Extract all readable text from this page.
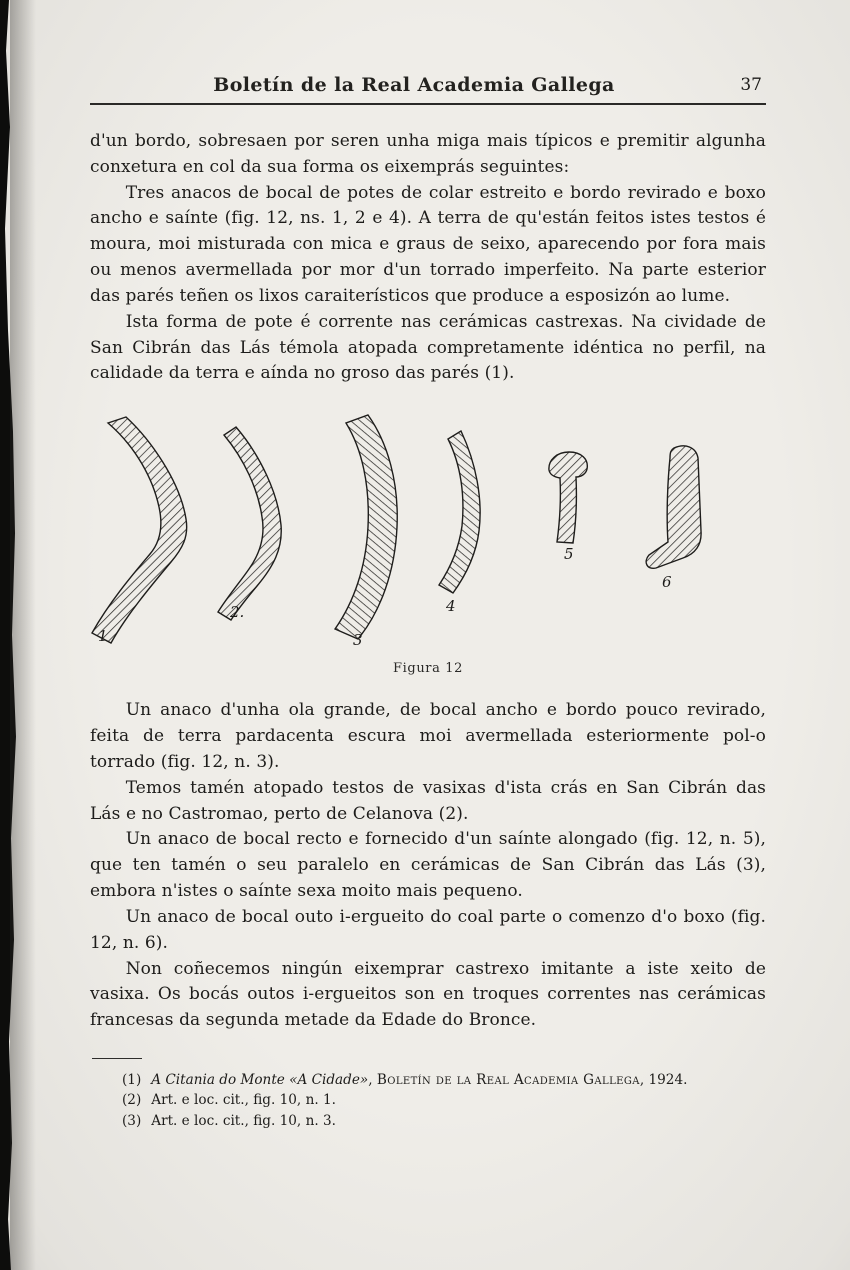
Boletín de la Real Academia Gallega	37

d'un bordo, sobresaen por seren unha miga mais típicos e premitir algunha conxetura en col da sua forma os eixemprás seguintes:

Tres anacos de bocal de potes de colar estreito e bordo revirado e boxo ancho e saínte (fig. 12, ns. 1, 2 e 4). A terra de qu'están feitos istes testos é moura, moi misturada con mica e graus de seixo, aparecendo por fora mais ou menos avermellada por mor d'un torrado imperfeito. Na parte esterior das parés teñen os lixos caraiterísticos que produce a esposizón ao lume.

Ista forma de pote é corrente nas cerámicas castrexas. Na cividade de San Cibrán das Lás témola atopada compretamente idéntica no perfil, na calidade da terra e aínda no groso das parés (1).

1
2.
3
4
5
6
Figura 12

Un anaco d'unha ola grande, de bocal ancho e bordo pouco revirado, feita de terra pardacenta escura moi avermellada esteriormente pol-o torrado (fig. 12, n. 3).

Temos tamén atopado testos de vasixas d'ista crás en San Cibrán das Lás e no Castromao, perto de Celanova (2).

Un anaco de bocal recto e fornecido d'un saínte alongado (fig. 12, n. 5), que ten tamén o seu paralelo en cerámicas de San Cibrán das Lás (3), embora n'istes o saínte sexa moito mais pequeno.

Un anaco de bocal outo i-ergueito do coal parte o comenzo d'o boxo (fig. 12, n. 6).

Non coñecemos ningún eixemprar castrexo imitante a iste xeito de vasixa. Os bocás outos i-ergueitos son en troques correntes nas cerámicas francesas da segunda metade da Edade do Bronce.

(1) A Citania do Monte «A Cidade», Boletín de la Real Academia Gallega, 1924.
(2) Art. e loc. cit., fig. 10, n. 1.
(3) Art. e loc. cit., fig. 10, n. 3.
